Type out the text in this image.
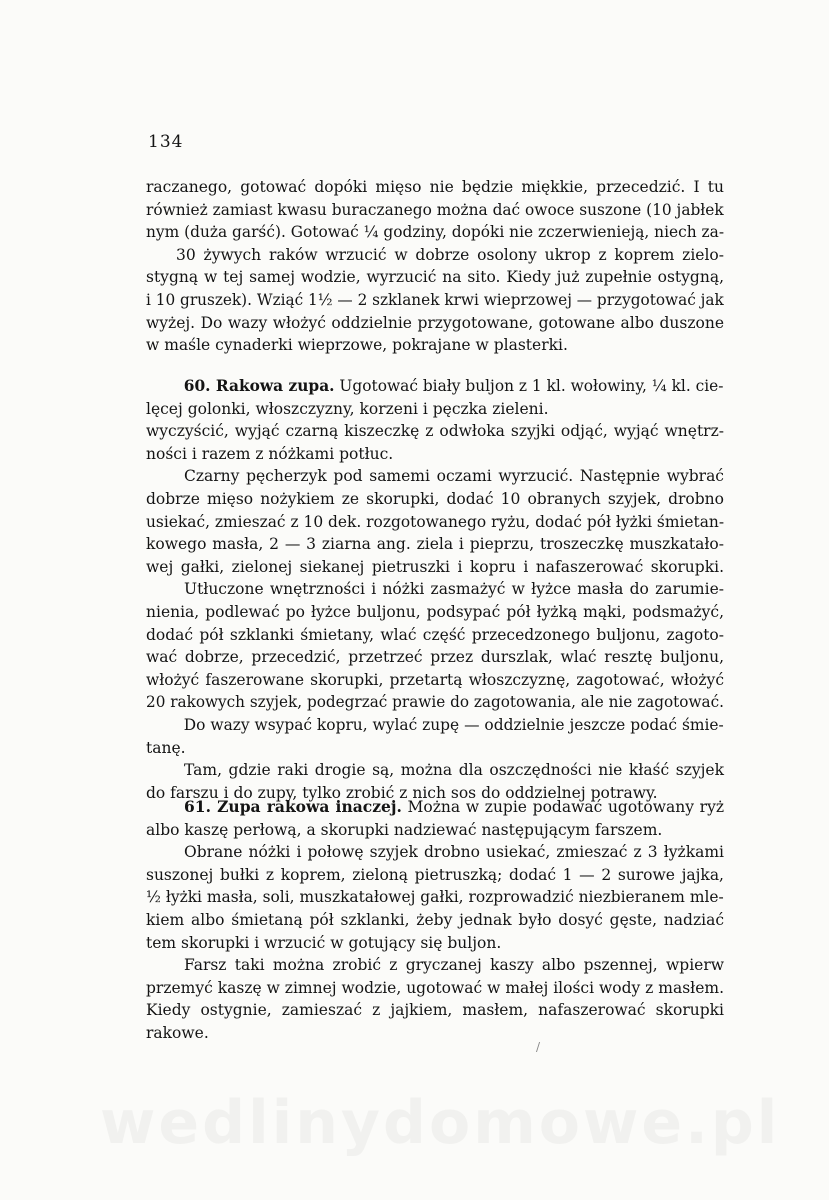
134
raczanego, gotować dopóki mięso nie będzie miękkie, przecedzić. I tu
również zamiast kwasu buraczanego można dać owoce suszone (10 jabłek
nym (duża garść). Gotować ¼ godziny, dopóki nie zczerwienieją, niech za-
30 żywych raków wrzucić w dobrze osolony ukrop z koprem zielo-
stygną w tej samej wodzie, wyrzucić na sito. Kiedy już zupełnie ostygną,
i 10 gruszek). Wziąć 1½ — 2 szklanek krwi wieprzowej — przygotować jak
wyżej. Do wazy włożyć oddzielnie przygotowane, gotowane albo duszone
w maśle cynaderki wieprzowe, pokrajane w plasterki.
60. Rakowa zupa. Ugotować biały buljon z 1 kl. wołowiny, ¼ kl. cie-
lęcej golonki, włoszczyzny, korzeni i pęczka zieleni.
wyczyścić, wyjąć czarną kiszeczkę z odwłoka szyjki odjąć, wyjąć wnętrz-
ności i razem z nóżkami potłuc.
Czarny pęcherzyk pod samemi oczami wyrzucić. Następnie wybrać
dobrze mięso nożykiem ze skorupki, dodać 10 obranych szyjek, drobno
usiekać, zmieszać z 10 dek. rozgotowanego ryżu, dodać pół łyżki śmietan-
kowego masła, 2 — 3 ziarna ang. ziela i pieprzu, troszeczkę muszkatało-
wej gałki, zielonej siekanej pietruszki i kopru i nafaszerować skorupki.
Utłuczone wnętrzności i nóżki zasmażyć w łyżce masła do zarumie-
nienia, podlewać po łyżce buljonu, podsypać pół łyżką mąki, podsmażyć,
dodać pół szklanki śmietany, wlać część przecedzonego buljonu, zagoto-
wać dobrze, przecedzić, przetrzeć przez durszlak, wlać resztę buljonu,
włożyć faszerowane skorupki, przetartą włoszczyznę, zagotować, włożyć
20 rakowych szyjek, podegrzać prawie do zagotowania, ale nie zagotować.
Do wazy wsypać kopru, wylać zupę — oddzielnie jeszcze podać śmie-
tanę.
Tam, gdzie raki drogie są, można dla oszczędności nie kłaść szyjek
do farszu i do zupy, tylko zrobić z nich sos do oddzielnej potrawy.
61. Zupa rakowa inaczej. Można w zupie podawać ugotowany ryż
albo kaszę perłową, a skorupki nadziewać następującym farszem.
Obrane nóżki i połowę szyjek drobno usiekać, zmieszać z 3 łyżkami
suszonej bułki z koprem, zieloną pietruszką; dodać 1 — 2 surowe jajka,
½ łyżki masła, soli, muszkatałowej gałki, rozprowadzić niezbieranem mle-
kiem albo śmietaną pół szklanki, żeby jednak było dosyć gęste, nadziać
tem skorupki i wrzucić w gotujący się buljon.
Farsz taki można zrobić z gryczanej kaszy albo pszennej, wpierw
przemyć kaszę w zimnej wodzie, ugotować w małej ilości wody z masłem.
Kiedy ostygnie, zamieszać z jajkiem, masłem, nafaszerować skorupki
rakowe.
/
wedlinydomowe.pl
